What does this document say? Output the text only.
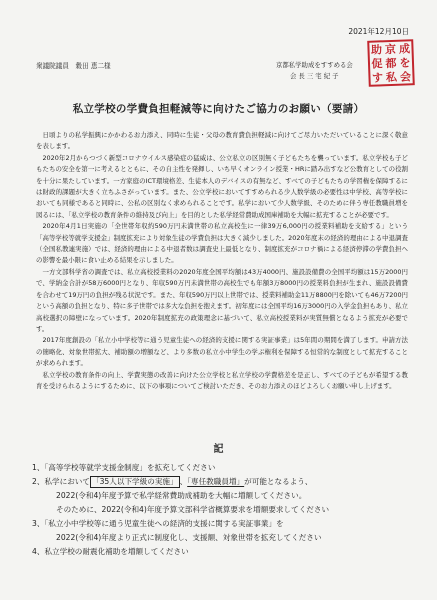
2021年12月10日
衆議院議員　穀田 恵二様	京都私学助成をすすめる会
会 長 三 宅 紀 子
助 京 成
促 都 を
す 私 会
私立学校の学費負担軽減等に向けたご協力のお願い（要請）

日頃よりの私学振興にかかわるお力添え、同時に生徒・父母の教育費負担軽減に向けてご尽力いただいていることに深く敬意を表します。

2020年2月からつづく新型コロナウイルス感染症の猛威は、公立私立の区別無く子どもたちを襲っています。私立学校も子どもたちの安全を第一に考えるとともに、その自主性を発揮し、いち早くオンライン授業・HRに踏み出すなど公教育としての役割を十分に果たしています。一方家庭のICT環境格差、生徒本人のデバイスの有無など、すべての子どもたちの学習権を保障するには財政的課題が大きく立ちふさがっています。また、公立学校においてすすめられる少人数学級の必要性は中学校、高等学校においても同様であると同時に、公私の区別なく求められることです。私学において少人数学級、そのために伴う専任教職員増を図るには、「私立学校の教育条件の維持及び向上」を目的とした私学経常費助成国庫補助を大幅に拡充することが必要です。

2020年4月1日実施の「全世帯年収約590万円未満世帯の私立高校生に一律39万6,000円の授業料補助を支給する」という「高等学校等就学支援金」制度拡充により対象生徒の学費負担は大きく減少しました。2020年度末の経済的理由による中退調査（全国私教連実施）では、経済的理由による中退者数は調査史上最低となり、制度拡充がコロナ禍による経済停滞の学費負担への影響を最小限に食い止める結果を示しました。

一方文部科学省の調査では、私立高校授業料の2020年度全国平均額は43万4000円、施設設備費の全国平均額は15万2000円で、学納金合計が58万6000円となり、年収590万円未満世帯の高校生でも年額3万8000円の授業料負担が生まれ、施設設備費を合わせて19万円の負担が残る状況です。また、年収590万円以上世帯では、授業料補助金11万8800円を除いても46万7200円という高額の負担となり、特に多子世帯では多大な負担を抱えます。初年度には全国平均16万3000円の入学金負担もあり、私立高校選択の障壁になっています。2020年制度拡充の政策理念に基づいて、私立高校授業料が実質無償となるよう拡充が必要です。

2017年度創設の「私立小中学校等に通う児童生徒への経済的支援に関する実証事業」は5年間の期間を満了します。申請方法の簡略化、対象世帯拡大、補助額の増額など、より多数の私立小中学生の学ぶ権利を保障する恒常的な制度として拡充することが求められます。

私立学校の教育条件の向上、学費実態の改善に向けた公立学校と私立学校の学費格差を是正し、すべての子どもが希望する教育を受けられるようにするために、以下の事項についてご検討いただき、そのお力添えのほどよろしくお願い申し上げます。

記
1、「高等学校等就学支援金制度」を拡充してください
2、私学において 「35人以下学級の実施」 、「専任教職員増」が可能となるよう、
2022(令和4)年度予算で私学経常費助成補助を大幅に増額してください。
そのために、2022(令和4)年度予算文部科学省概算要求を増額要求してください
3、「私立小中学校等に通う児童生徒への経済的支援に関する実証事業」を
2022(令和4)年度より正式に制度化し、支援額、対象世帯を拡充してください
4、私立学校の耐震化補助を増額してください
